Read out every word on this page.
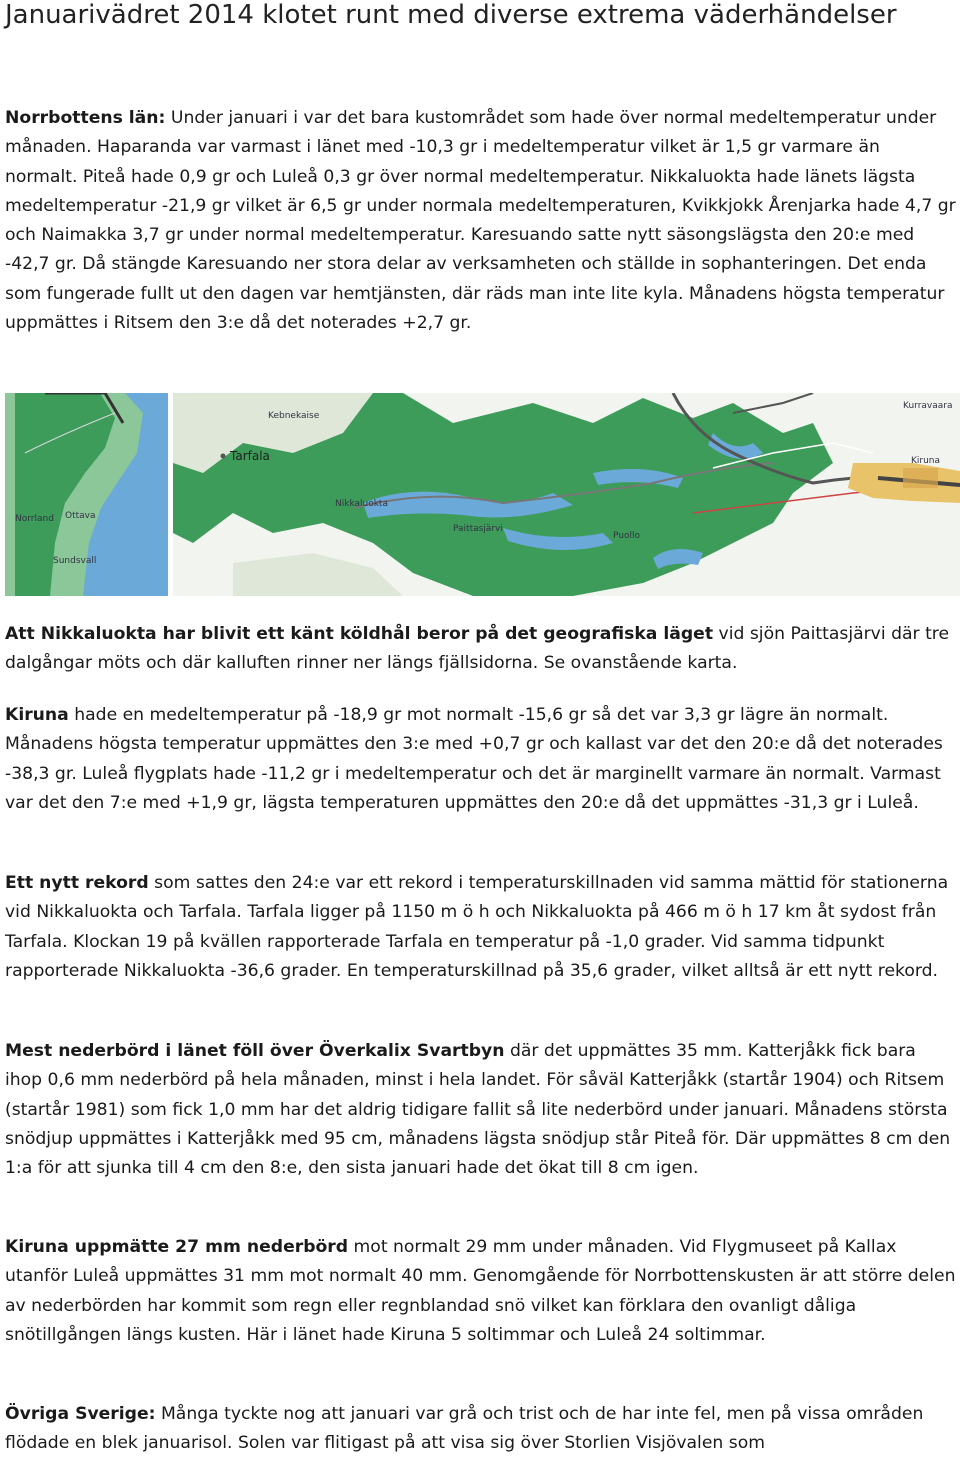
Januarivädret 2014 klotet runt med diverse extrema väderhändelser

Norrbottens län: Under januari i var det bara kustområdet som hade över normal medeltemperatur under månaden. Haparanda var varmast i länet med -10,3 gr i medeltemperatur vilket är 1,5 gr varmare än normalt. Piteå hade 0,9 gr och Luleå 0,3 gr över normal medeltemperatur. Nikkaluokta hade länets lägsta medeltemperatur -21,9 gr vilket är 6,5 gr under normala medeltemperaturen, Kvikkjokk Årenjarka hade 4,7 gr och Naimakka 3,7 gr under normal medeltemperatur. Karesuando satte nytt säsongslägsta den 20:e med -42,7 gr. Då stängde Karesuando ner stora delar av verksamheten och ställde in sophanteringen. Det enda som fungerade fullt ut den dagen var hemtjänsten, där räds man inte lite kyla. Månadens högsta temperatur uppmättes i Ritsem den 3:e då det noterades +2,7 gr.

Norrland Ottava
Sundsvall
Tarfala
Nikkaluokta
Kiruna
Kebnekaise
Paittasjärvi
Puollo
Kurravaara

Att Nikkaluokta har blivit ett känt köldhål beror på det geografiska läget vid sjön Paittasjärvi där tre dalgångar möts och där kalluften rinner ner längs fjällsidorna. Se ovanstående karta.

Kiruna hade en medeltemperatur på -18,9 gr mot normalt -15,6 gr så det var 3,3 gr lägre än normalt. Månadens högsta temperatur uppmättes den 3:e med +0,7 gr och kallast var det den 20:e då det noterades -38,3 gr. Luleå flygplats hade -11,2 gr i medeltemperatur och det är marginellt varmare än normalt. Varmast var det den 7:e med +1,9 gr, lägsta temperaturen uppmättes den 20:e då det uppmättes -31,3 gr i Luleå.

Ett nytt rekord som sattes den 24:e var ett rekord i temperaturskillnaden vid samma mättid för stationerna vid Nikkaluokta och Tarfala. Tarfala ligger på 1150 m ö h och Nikkaluokta på 466 m ö h 17 km åt sydost från Tarfala. Klockan 19 på kvällen rapporterade Tarfala en temperatur på -1,0 grader. Vid samma tidpunkt rapporterade Nikkaluokta -36,6 grader. En temperaturskillnad på 35,6 grader, vilket alltså är ett nytt rekord.

Mest nederbörd i länet föll över Överkalix Svartbyn där det uppmättes 35 mm. Katterjåkk fick bara ihop 0,6 mm nederbörd på hela månaden, minst i hela landet. För såväl Katterjåkk (startår 1904) och Ritsem (startår 1981) som fick 1,0 mm har det aldrig tidigare fallit så lite nederbörd under januari. Månadens största snödjup uppmättes i Katterjåkk med 95 cm, månadens lägsta snödjup står Piteå för. Där uppmättes 8 cm den 1:a för att sjunka till 4 cm den 8:e, den sista januari hade det ökat till 8 cm igen.

Kiruna uppmätte 27 mm nederbörd mot normalt 29 mm under månaden. Vid Flygmuseet på Kallax utanför Luleå uppmättes 31 mm mot normalt 40 mm. Genomgående för Norrbottenskusten är att större delen av nederbörden har kommit som regn eller regnblandad snö vilket kan förklara den ovanligt dåliga snötillgången längs kusten. Här i länet hade Kiruna 5 soltimmar och Luleå 24 soltimmar.

Övriga Sverige: Många tyckte nog att januari var grå och trist och de har inte fel, men på vissa områden flödade en blek januarisol. Solen var flitigast på att visa sig över Storlien Visjövalen som
